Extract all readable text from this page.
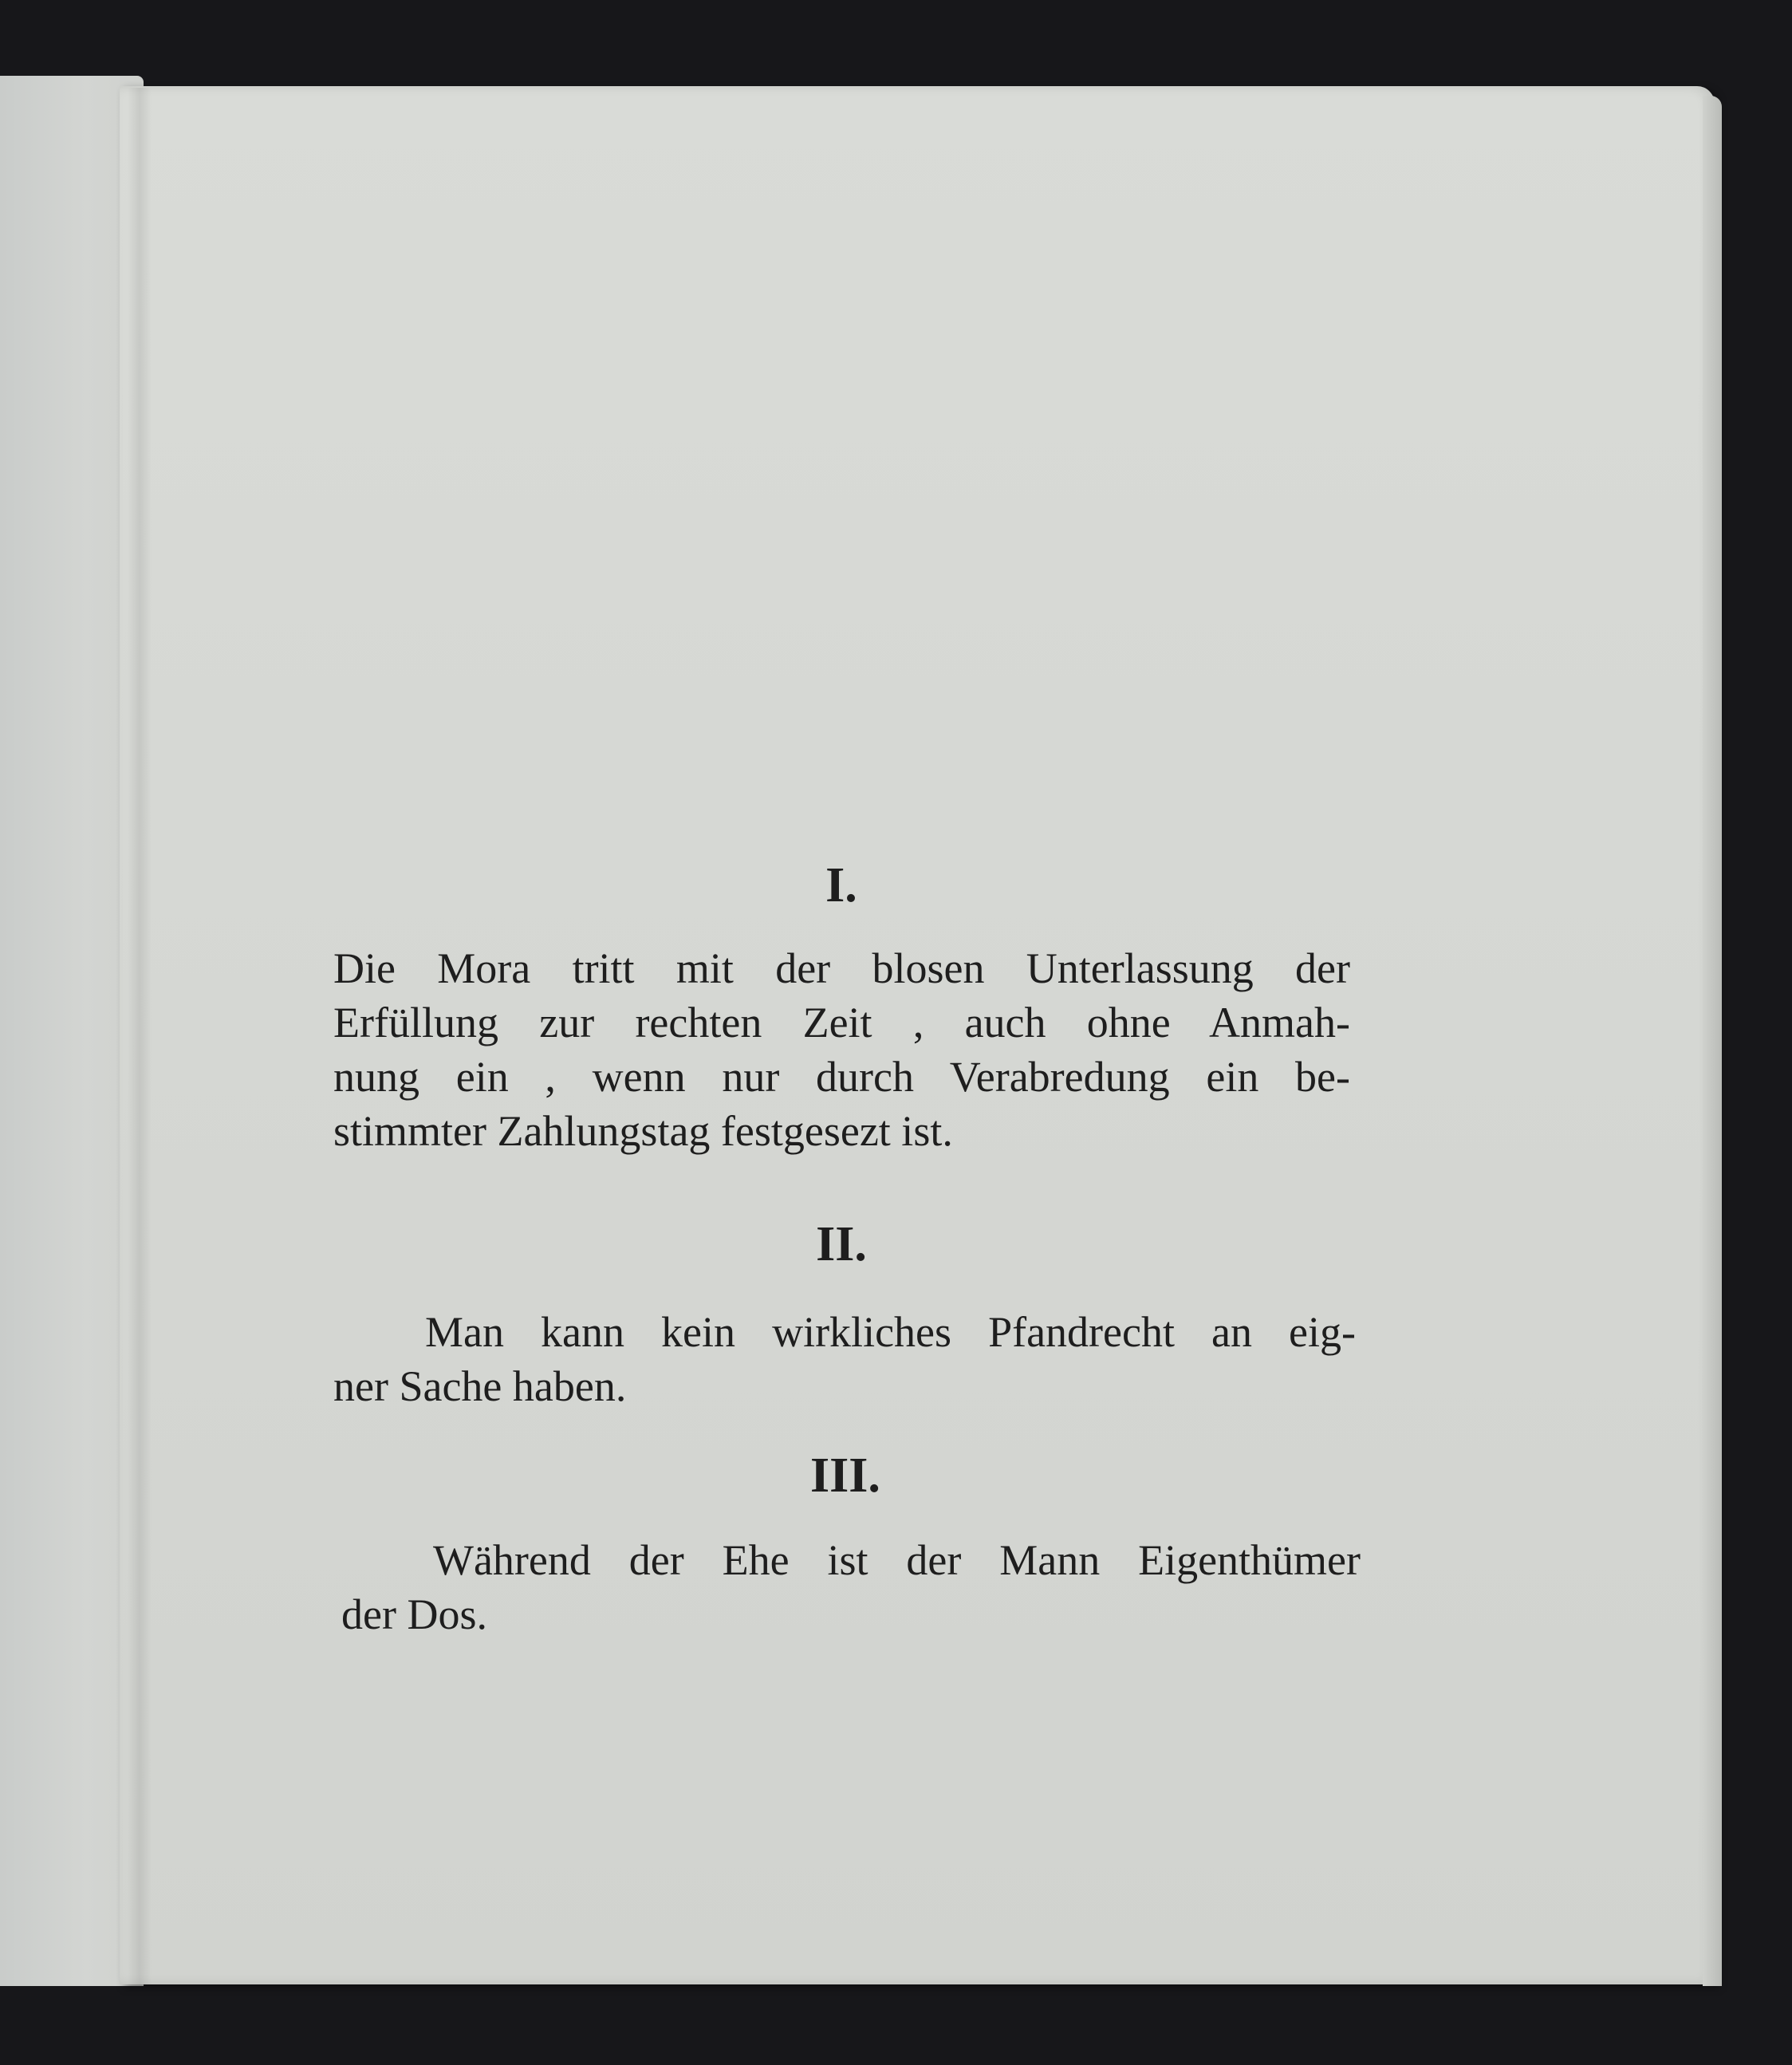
I.
Die Mora tritt mit der blosen Unterlassung der
Erfüllung zur rechten Zeit , auch ohne Anmah-
nung ein , wenn nur durch Verabredung ein be-
stimmter Zahlungstag festgesezt ist.
II.
Man kann kein wirkliches Pfandrecht an eig-
ner Sache haben.
III.
Während der Ehe ist der Mann Eigenthümer
der Dos.
